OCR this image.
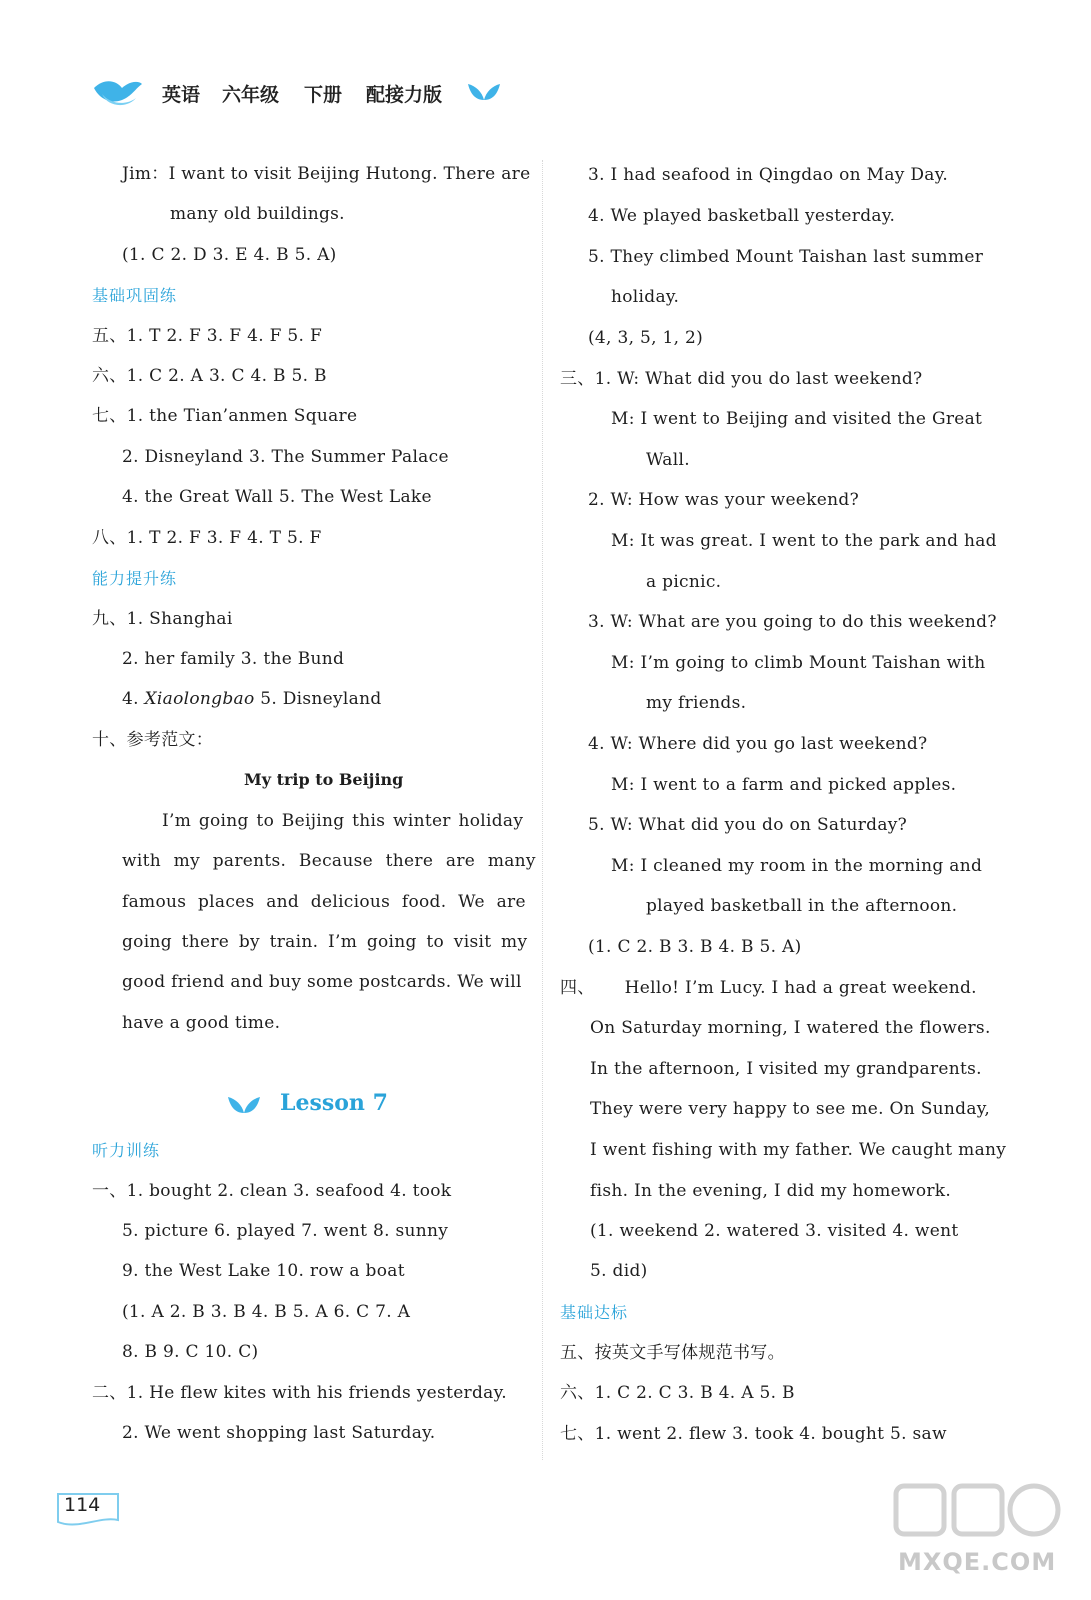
英语 六年级 下册 配接力版
Jim：I want to visit Beijing Hutong. There are
many old buildings.
(1. C 2. D 3. E 4. B 5. A)
基础巩固练
五、1. T 2. F 3. F 4. F 5. F
六、1. C 2. A 3. C 4. B 5. B
七、1. the Tian’anmen Square
2. Disneyland 3. The Summer Palace
4. the Great Wall 5. The West Lake
八、1. T 2. F 3. F 4. T 5. F
能力提升练
九、1. Shanghai
2. her family 3. the Bund
4. Xiaolongbao 5. Disneyland
十、参考范文：
My trip to Beijing
I’m going to Beijing this winter holiday
with my parents. Because there are many
famous places and delicious food. We are
going there by train. I’m going to visit my
good friend and buy some postcards. We will
have a good time.
Lesson 7
听力训练
一、1. bought 2. clean 3. seafood 4. took
5. picture 6. played 7. went 8. sunny
9. the West Lake 10. row a boat
(1. A 2. B 3. B 4. B 5. A 6. C 7. A
8. B 9. C 10. C)
二、1. He flew kites with his friends yesterday.
2. We went shopping last Saturday.
3. I had seafood in Qingdao on May Day.
4. We played basketball yesterday.
5. They climbed Mount Taishan last summer
holiday.
(4, 3, 5, 1, 2)
三、1. W: What did you do last weekend?
M: I went to Beijing and visited the Great
Wall.
2. W: How was your weekend?
M: It was great. I went to the park and had
a picnic.
3. W: What are you going to do this weekend?
M: I’m going to climb Mount Taishan with
my friends.
4. W: Where did you go last weekend?
M: I went to a farm and picked apples.
5. W: What did you do on Saturday?
M: I cleaned my room in the morning and
played basketball in the afternoon.
(1. C 2. B 3. B 4. B 5. A)
四、 Hello! I’m Lucy. I had a great weekend.
On Saturday morning, I watered the flowers.
In the afternoon, I visited my grandparents.
They were very happy to see me. On Sunday,
I went fishing with my father. We caught many
fish. In the evening, I did my homework.
(1. weekend 2. watered 3. visited 4. went
5. did)
基础达标
五、按英文手写体规范书写。
六、1. C 2. C 3. B 4. A 5. B
七、1. went 2. flew 3. took 4. bought 5. saw
114
MXQE.COM
